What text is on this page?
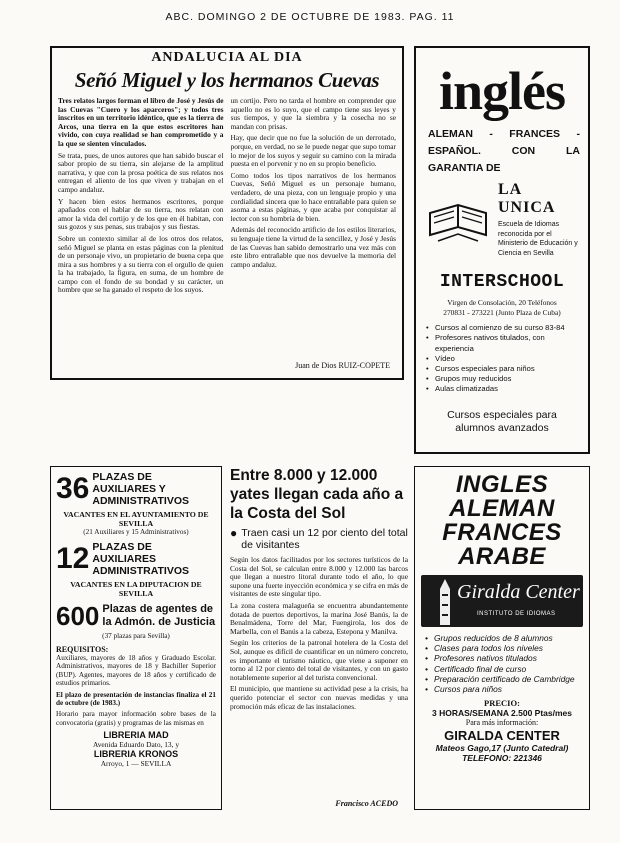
ABC. DOMINGO 2 DE OCTUBRE DE 1983. PAG. 11
ANDALUCIA AL DIA
Señó Miguel y los hermanos Cuevas

Tres relatos largos forman el libro de José y Jesús de las Cuevas "Cuero y los aparceros"; y todos tres inscritos en un territorio idéntico, que es la tierra de Arcos, una tierra en la que estos escritores han vivido, con cuya realidad se han comprometido y a la que se sienten vinculados.

Se trata, pues, de unos autores que han sabido buscar el sabor propio de su tierra, sin alejarse de la amplitud narrativa, y que con la prosa poética de sus relatos nos entregan el aliento de los que viven y trabajan en el campo andaluz.

Y hacen bien estos hermanos escritores, porque apañados con el hablar de su tierra, nos relatan con amor la vida del cortijo y de los que en él habitan, con sus gozos y sus penas, sus trabajos y sus fiestas.

Sobre un contexto similar al de los otros dos relatos, señó Miguel se planta en estas páginas con la plenitud de un personaje vivo, un propietario de buena cepa que mira a sus hombres y a su tierra con el orgullo de quien la ha trabajado, la figura, en suma, de un hombre de campo con el fondo de su bondad y su carácter, un hombre que se ha ganado el respeto de los suyos.

un cortijo. Pero no tarda el hombre en comprender que aquello no es lo suyo, que el campo tiene sus leyes y sus tiempos, y que la siembra y la cosecha no se mandan con prisas.

Hay, que decir que no fue la solución de un derrotado, porque, en verdad, no se le puede negar que supo tomar lo mejor de los suyos y seguir su camino con la mirada puesta en el porvenir y no en su propio beneficio.

Como todos los tipos narrativos de los hermanos Cuevas, Señó Miguel es un personaje humano, verdadero, de una pieza, con un lenguaje propio y una cordialidad sincera que lo hace entrañable para quien se asoma a estas páginas, y que acaba por conquistar al lector con su hombría de bien.

Además del reconocido artificio de los estilos literarios, su lenguaje tiene la virtud de la sencillez, y José y Jesús de las Cuevas han sabido demostrarlo una vez más con este libro entrañable que nos devuelve la memoria del campo andaluz.

Juan de Dios RUIZ-COPETE
inglés
ALEMAN - FRANCES - ESPAÑOL. CON LA GARANTIA DE
LA UNICA
Escuela de Idiomas reconocida por el Ministerio de Educación y Ciencia en Sevilla
INTERSCHOOL
Virgen de Consolación, 20 Teléfonos 270831 - 273221 (Junto Plaza de Cuba)
• Cursos al comienzo de su curso 83-84
• Profesores nativos titulados, con experiencia
• Vídeo
• Cursos especiales para niños
• Grupos muy reducidos
• Aulas climatizadas
Cursos especiales para alumnos avanzados
36 PLAZAS DE AUXILIARES Y ADMINISTRATIVOS
VACANTES EN EL AYUNTAMIENTO DE SEVILLA
(21 Auxiliares y 15 Administrativos)
12 PLAZAS DE AUXILIARES ADMINISTRATIVOS
VACANTES EN LA DIPUTACION DE SEVILLA
600 Plazas de agentes de la Admón. de Justicia
(37 plazas para Sevilla)
REQUISITOS:

Auxiliares, mayores de 18 años y Graduado Escolar. Administrativos, mayores de 18 y Bachiller Superior (BUP). Agentes, mayores de 18 años y certificado de estudios primarios.

El plazo de presentación de instancias finaliza el 21 de octubre (de 1983.)

Horario para mayor información sobre bases de la convocatoria (gratis) y programas de las mismas en

LIBRERIA MAD
Avenida Eduardo Dato, 13, y
LIBRERIA KRONOS
Arroyo, 1 — SEVILLA
Entre 8.000 y 12.000 yates llegan cada año a la Costa del Sol
● Traen casi un 12 por ciento del total de visitantes

Según los datos facilitados por los sectores turísticos de la Costa del Sol, se calculan entre 8.000 y 12.000 las barcos que llegan a nuestro litoral durante todo el año, lo que supone una fuerte inyección económica y se cifra en más de visitantes de este singular tipo.

La zona costera malagueña se encuentra abundantemente dotada de puertos deportivos, la marina José Banús, la de Benalmádena, Torre del Mar, Fuengirola, los dos de Marbella, con el Banús a la cabeza, Estepona y Manilva.

Según los criterios de la patronal hotelera de la Costa del Sol, aunque es difícil de cuantificar en un número concreto, es importante el turismo náutico, que viene a suponer en torno al 12 por ciento del total de visitantes, y con un gasto notablemente superior al del turista convencional.

El municipio, que mantiene su actividad pese a la crisis, ha querido potenciar el sector con nuevas medidas y una promoción más eficaz de las instalaciones.

Francisco ACEDO
INGLES ALEMAN FRANCES ARABE
Giralda Center
INSTITUTO DE IDIOMAS
• Grupos reducidos de 8 alumnos
• Clases para todos los niveles
• Profesores nativos titulados
• Certificado final de curso
• Preparación certificado de Cambridge
• Cursos para niños
PRECIO:
3 HORAS/SEMANA 2.500 Ptas/mes
Para más información:
GIRALDA CENTER
Mateos Gago,17 (Junto Catedral)
TELEFONO: 221346
